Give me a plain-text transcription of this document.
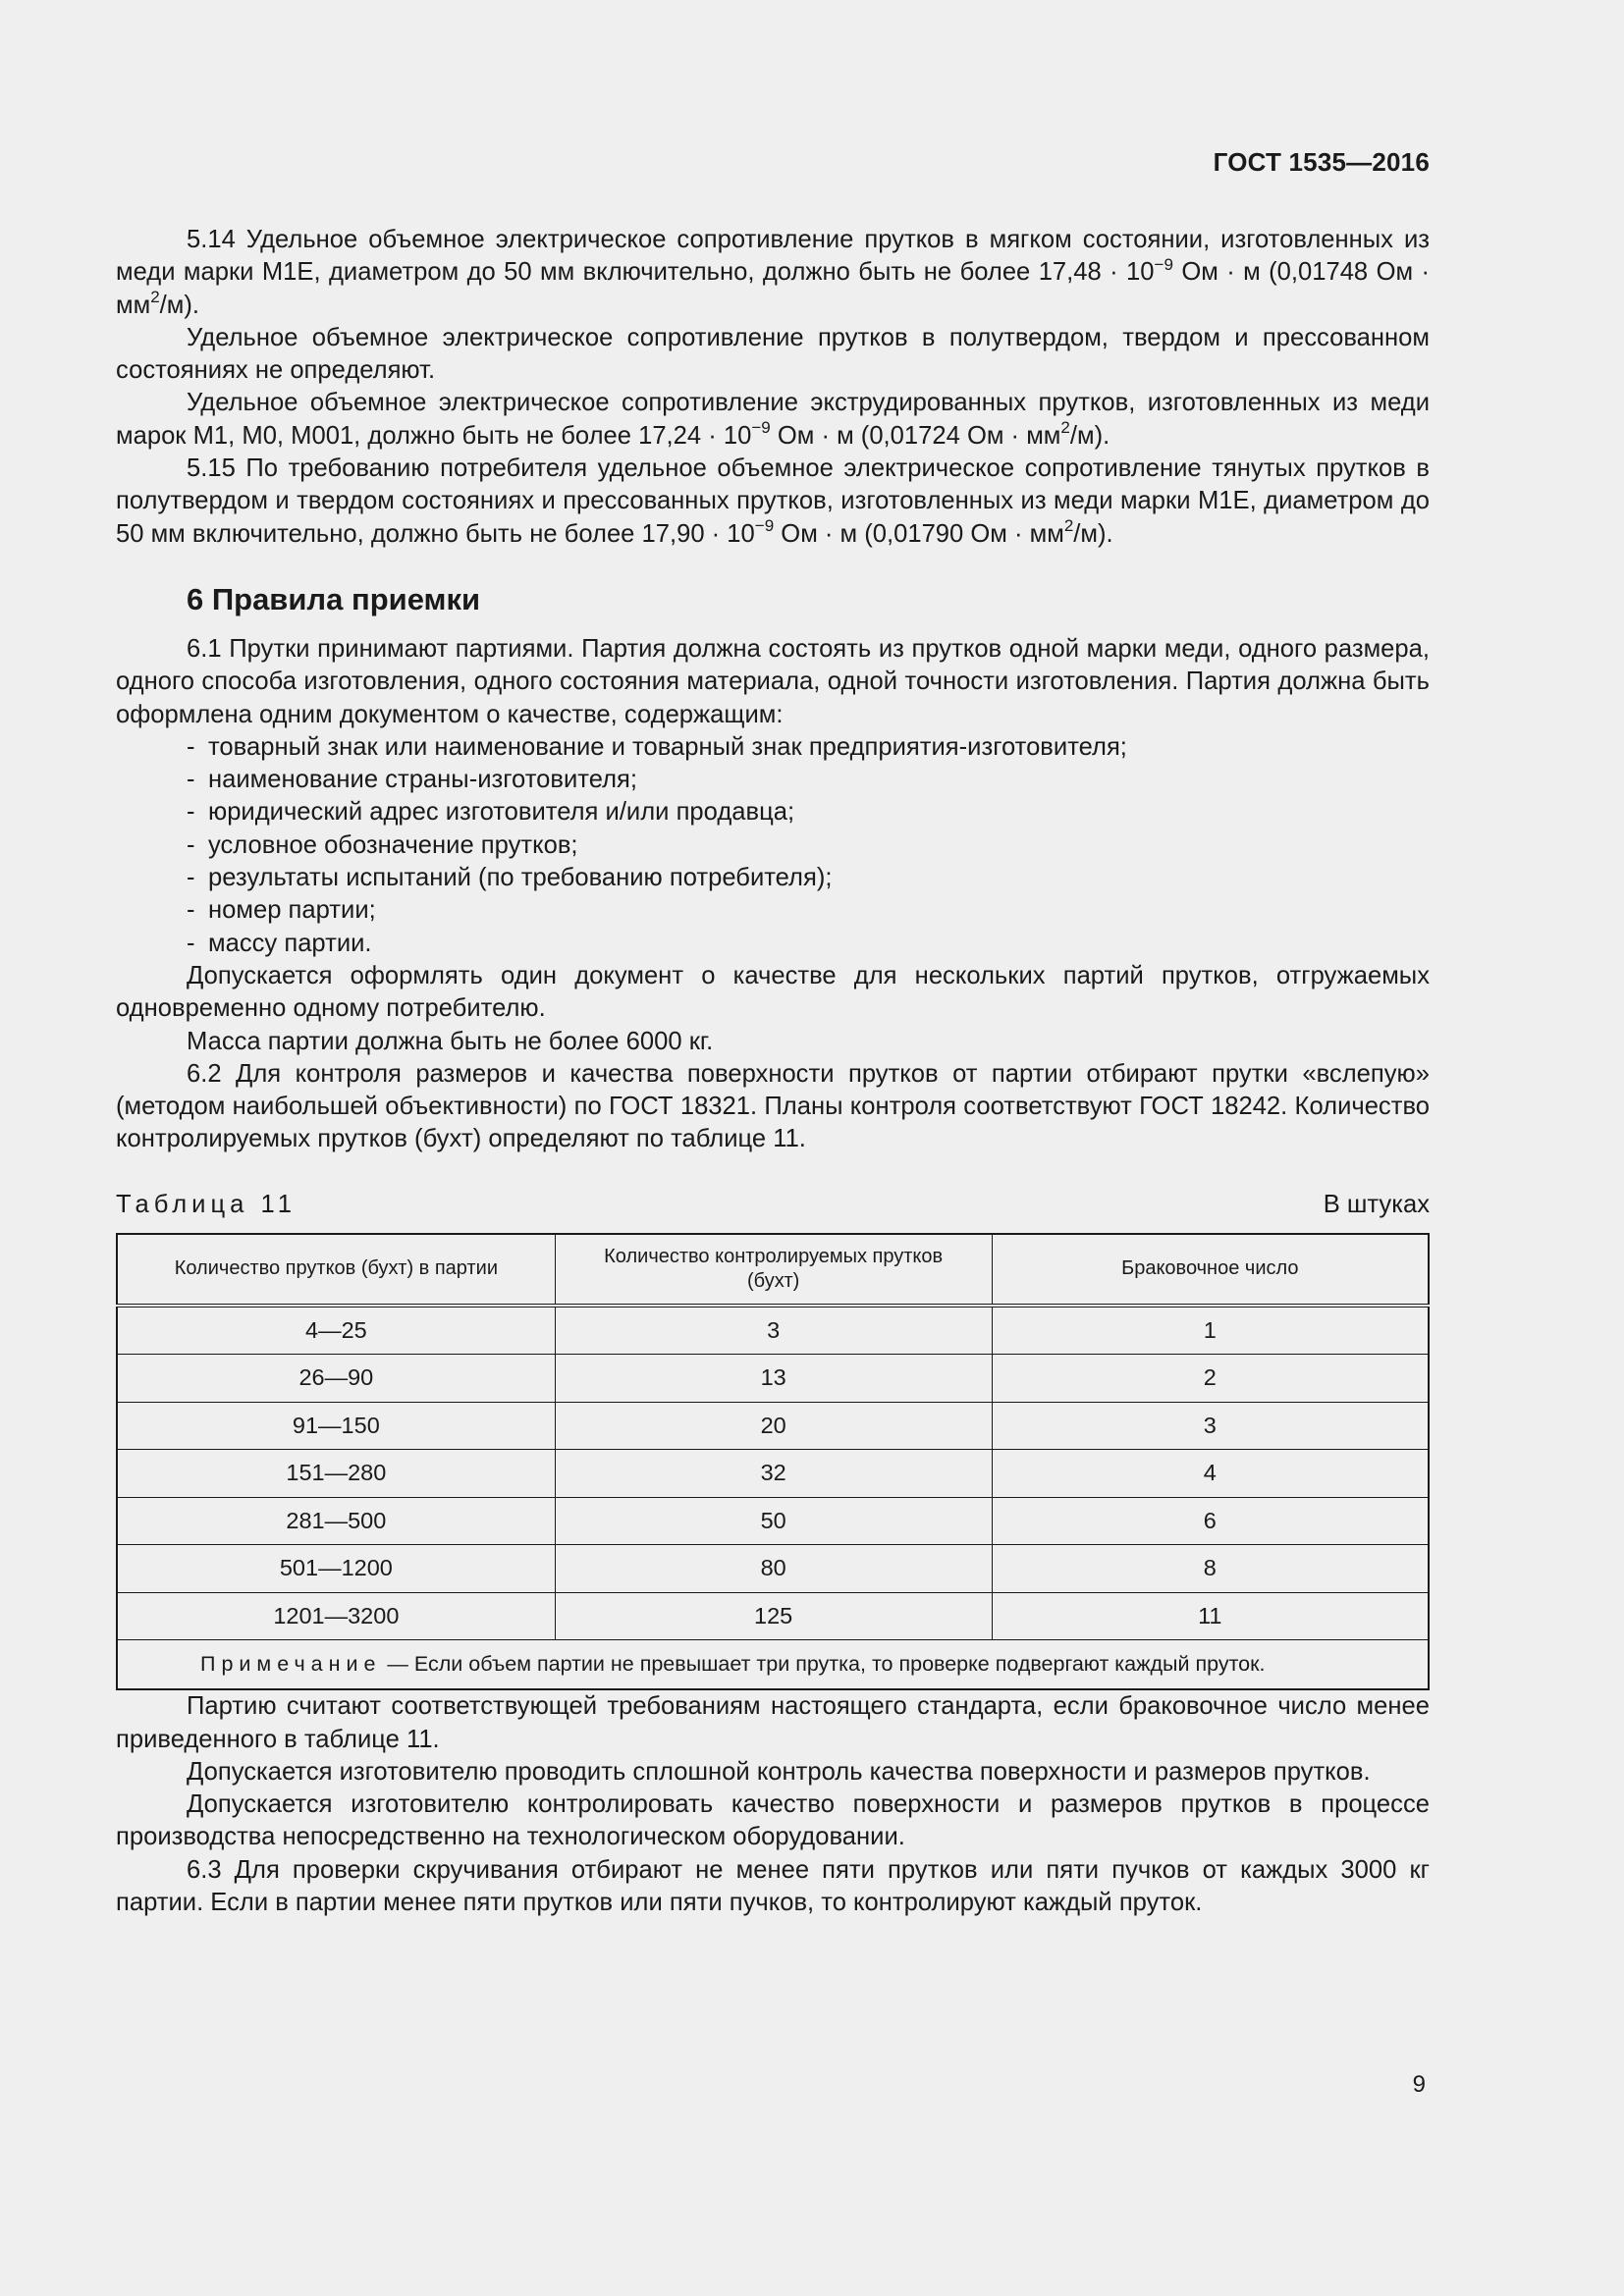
ГОСТ 1535—2016

5.14 Удельное объемное электрическое сопротивление прутков в мягком состоянии, изготовленных из меди марки М1Е, диаметром до 50 мм включительно, должно быть не более $17,48 \cdot 10^{-9}$ Ом · м (0,01748 Ом · $мм^2/м$).

Удельное объемное электрическое сопротивление прутков в полутвердом, твердом и прессованном состояниях не определяют.

Удельное объемное электрическое сопротивление экструдированных прутков, изготовленных из меди марок М1, М0, М001, должно быть не более $17,24 \cdot 10^{-9}$ Ом · м (0,01724 Ом · $мм^2/м$).

5.15 По требованию потребителя удельное объемное электрическое сопротивление тянутых прутков в полутвердом и твердом состояниях и прессованных прутков, изготовленных из меди марки М1Е, диаметром до 50 мм включительно, должно быть не более $17,90 \cdot 10^{-9}$ Ом · м (0,01790 Ом · $мм^2/м$).

6 Правила приемки

6.1 Прутки принимают партиями. Партия должна состоять из прутков одной марки меди, одного размера, одного способа изготовления, одного состояния материала, одной точности изготовления. Партия должна быть оформлена одним документом о качестве, содержащим:

- товарный знак или наименование и товарный знак предприятия-изготовителя;
- наименование страны-изготовителя;
- юридический адрес изготовителя и/или продавца;
- условное обозначение прутков;
- результаты испытаний (по требованию потребителя);
- номер партии;
- массу партии.

Допускается оформлять один документ о качестве для нескольких партий прутков, отгружаемых одновременно одному потребителю.

Масса партии должна быть не более 6000 кг.

6.2 Для контроля размеров и качества поверхности прутков от партии отбирают прутки «вслепую» (методом наибольшей объективности) по ГОСТ 18321. Планы контроля соответствуют ГОСТ 18242. Количество контролируемых прутков (бухт) определяют по таблице 11.

Таблица 11	В штуках
Количество прутков (бухт) в партии	Количество контролируемых прутков (бухт)	Браковочное число
4—25	3	1
26—90	13	2
91—150	20	3
151—280	32	4
281—500	50	6
501—1200	80	8
1201—3200	125	11
Примечание — Если объем партии не превышает три прутка, то проверке подвергают каждый пруток.		

Партию считают соответствующей требованиям настоящего стандарта, если браковочное число менее приведенного в таблице 11.

Допускается изготовителю проводить сплошной контроль качества поверхности и размеров прутков.

Допускается изготовителю контролировать качество поверхности и размеров прутков в процессе производства непосредственно на технологическом оборудовании.

6.3 Для проверки скручивания отбирают не менее пяти прутков или пяти пучков от каждых 3000 кг партии. Если в партии менее пяти прутков или пяти пучков, то контролируют каждый пруток.

9
